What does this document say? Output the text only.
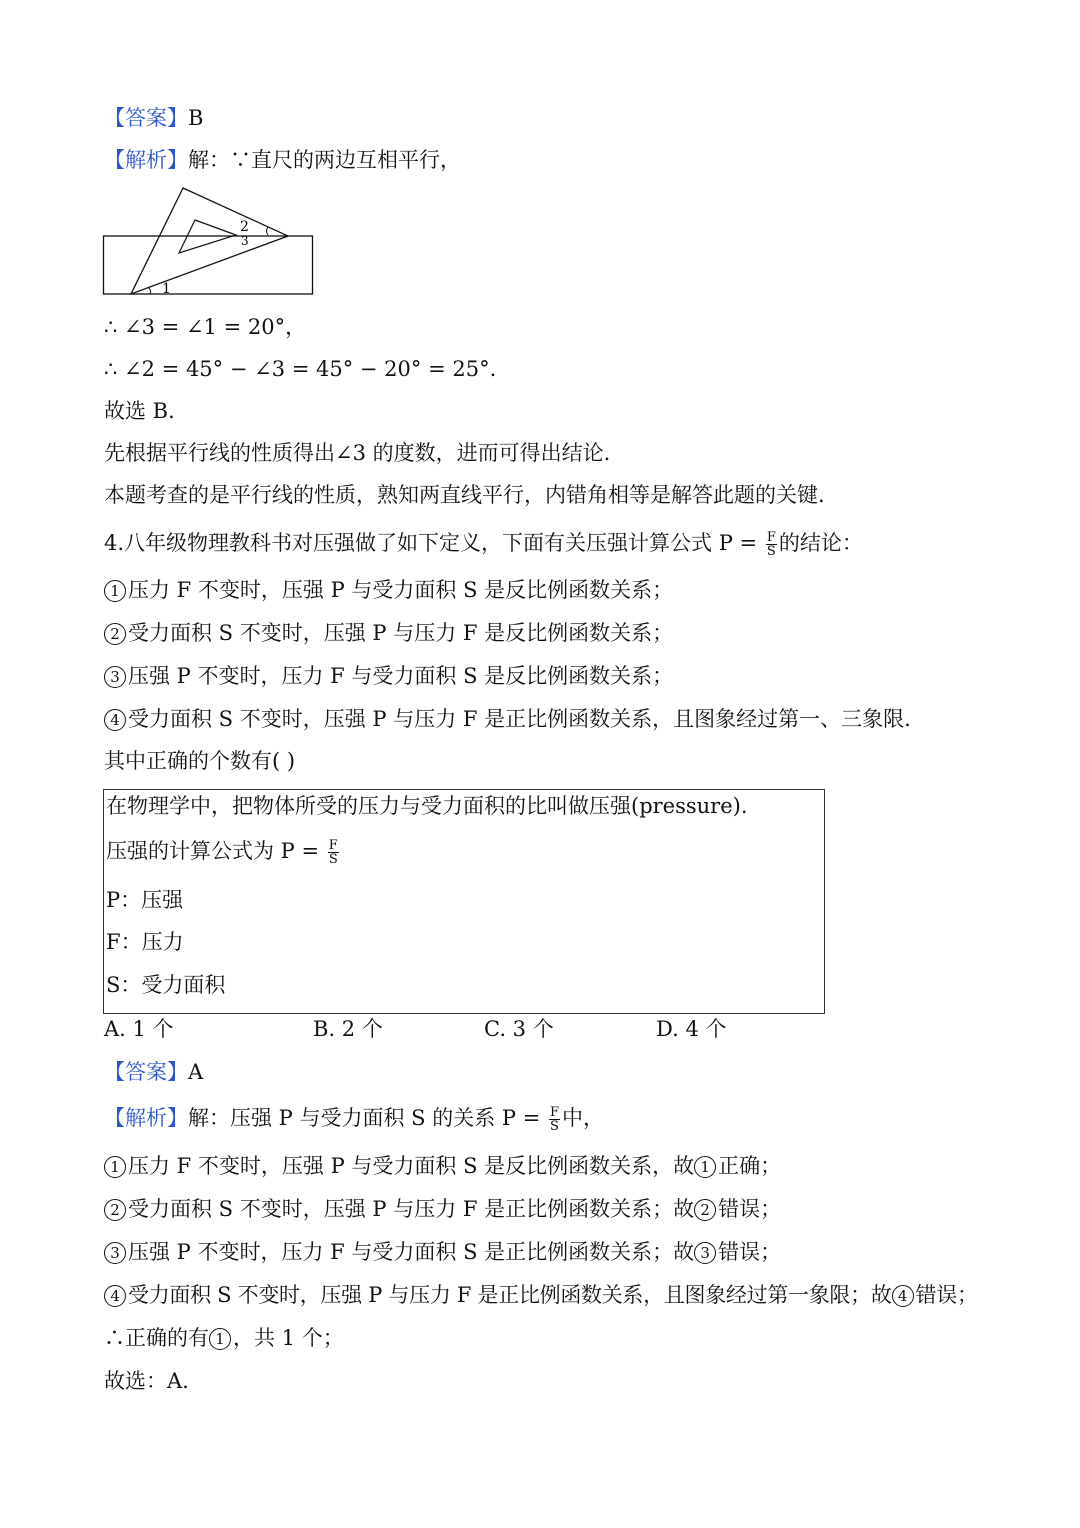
【答案】B
【解析】解：∵直尺的两边互相平行，
2
3
1
∴ ∠3 = ∠1 = 20°，
∴ ∠2 = 45° − ∠3 = 45° − 20° = 25°.
故选 B.
先根据平行线的性质得出∠3 的度数，进而可得出结论.
本题考查的是平行线的性质，熟知两直线平行，内错角相等是解答此题的关键.
4.八年级物理教科书对压强做了如下定义，下面有关压强计算公式 $P = \frac{F}{S}$ 的结论：
1 压力 F 不变时，压强 P 与受力面积 S 是反比例函数关系；
2 受力面积 S 不变时，压强 P 与压力 F 是反比例函数关系；
3 压强 P 不变时，压力 F 与受力面积 S 是反比例函数关系；
4 受力面积 S 不变时，压强 P 与压力 F 是正比例函数关系，且图象经过第一、三象限.
其中正确的个数有( )
在物理学中，把物体所受的压力与受力面积的比叫做压强(pressure).
压强的计算公式为 $P = \frac{F}{S}$
P：压强
F：压力
S：受力面积
A. 1 个	B. 2 个	C. 3 个	D. 4 个
【答案】A
【解析】解：压强 P 与受力面积 S 的关系 $P = \frac{F}{S}$ 中，
1 压力 F 不变时，压强 P 与受力面积 S 是反比例函数关系，故 1 正确；
2 受力面积 S 不变时，压强 P 与压力 F 是正比例函数关系；故 2 错误；
3 压强 P 不变时，压力 F 与受力面积 S 是正比例函数关系；故 3 错误；
4 受力面积 S 不变时，压强 P 与压力 F 是正比例函数关系，且图象经过第一象限；故 4 错误；
∴正确的有 1 ，共 1 个；
故选：A.
